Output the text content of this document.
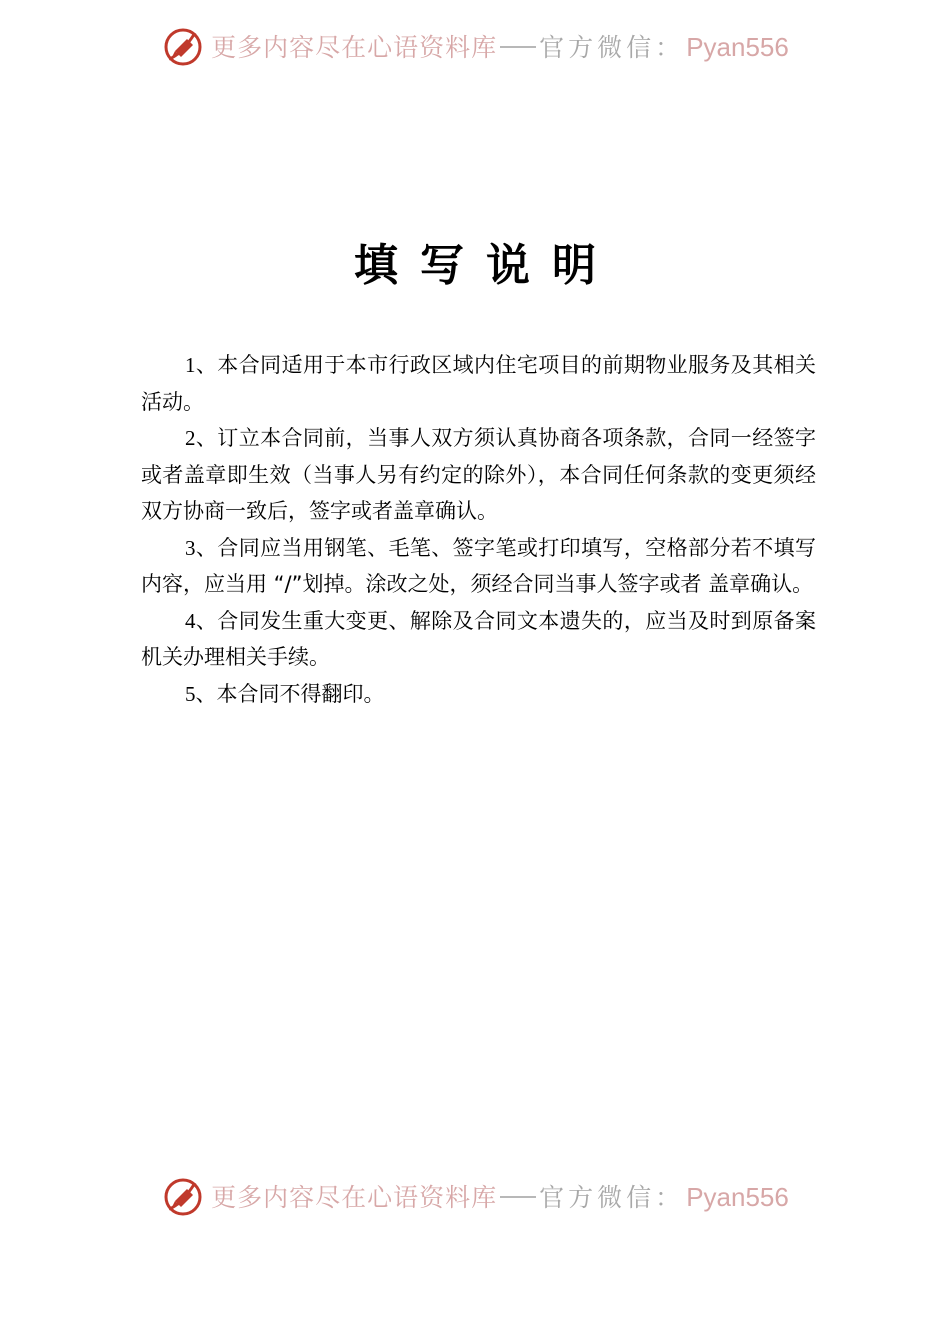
更多内容尽在心语资料库 官方微信： Pyan556
填写说明

1、本合同适用于本市行政区域内住宅项目的前期物业服务及其相关活动。

2、订立本合同前，当事人双方须认真协商各项条款，合同一经签字或者盖章即生效（当事人另有约定的除外），本合同任何条款的变更须经双方协商一致后，签字或者盖章确认。

3、合同应当用钢笔、毛笔、签字笔或打印填写，空格部分若不填写内容，应当用 “/”划掉。涂改之处，须经合同当事人签字或者 盖章确认。

4、合同发生重大变更、解除及合同文本遗失的，应当及时到原备案机关办理相关手续。

5、本合同不得翻印。

更多内容尽在心语资料库 官方微信： Pyan556
